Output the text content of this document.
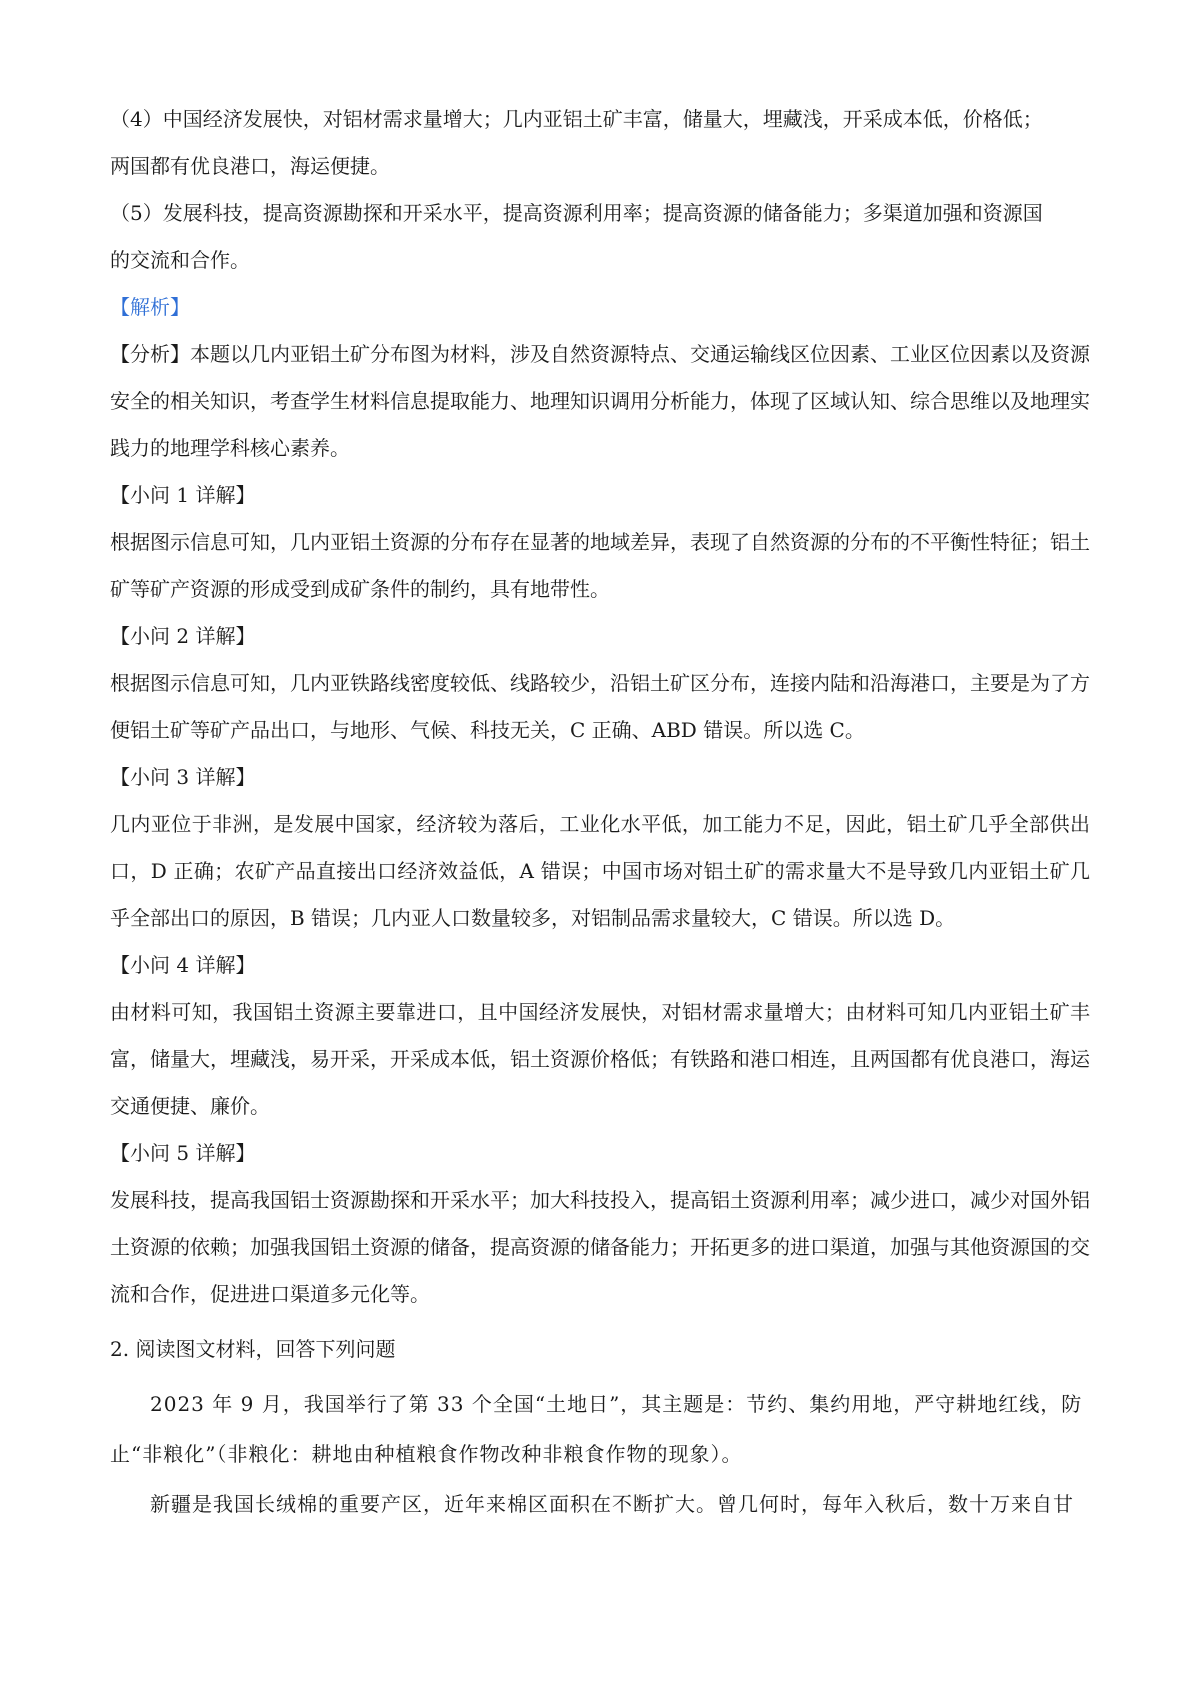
（4）中国经济发展快，对铝材需求量增大；几内亚铝土矿丰富，储量大，埋藏浅，开采成本低，价格低；
两国都有优良港口，海运便捷。

（5）发展科技，提高资源勘探和开采水平，提高资源利用率；提高资源的储备能力；多渠道加强和资源国
的交流和合作。

【解析】

【分析】本题以几内亚铝土矿分布图为材料，涉及自然资源特点、交通运输线区位因素、工业区位因素以及资源安全的相关知识，考查学生材料信息提取能力、地理知识调用分析能力，体现了区域认知、综合思维以及地理实践力的地理学科核心素养。

【小问 1 详解】

根据图示信息可知，几内亚铝土资源的分布存在显著的地域差异，表现了自然资源的分布的不平衡性特征；铝土矿等矿产资源的形成受到成矿条件的制约，具有地带性。

【小问 2 详解】

根据图示信息可知，几内亚铁路线密度较低、线路较少，沿铝土矿区分布，连接内陆和沿海港口，主要是为了方便铝土矿等矿产品出口，与地形、气候、科技无关，C 正确、ABD 错误。所以选 C。

【小问 3 详解】

几内亚位于非洲，是发展中国家，经济较为落后，工业化水平低，加工能力不足，因此，铝土矿几乎全部供出口，D 正确；农矿产品直接出口经济效益低，A 错误；中国市场对铝土矿的需求量大不是导致几内亚铝土矿几乎全部出口的原因，B 错误；几内亚人口数量较多，对铝制品需求量较大，C 错误。所以选 D。

【小问 4 详解】

由材料可知，我国铝土资源主要靠进口，且中国经济发展快，对铝材需求量增大；由材料可知几内亚铝土矿丰富，储量大，埋藏浅，易开采，开采成本低，铝土资源价格低；有铁路和港口相连，且两国都有优良港口，海运交通便捷、廉价。

【小问 5 详解】

发展科技，提高我国铝士资源勘探和开采水平；加大科技投入，提高铝土资源利用率；减少进口，减少对国外铝土资源的依赖；加强我国铝土资源的储备，提高资源的储备能力；开拓更多的进口渠道，加强与其他资源国的交流和合作，促进进口渠道多元化等。

2. 阅读图文材料，回答下列问题

2023 年 9 月，我国举行了第 33 个全国“土地日”，其主题是：节约、集约用地，严守耕地红线，防止“非粮化”（非粮化：耕地由种植粮食作物改种非粮食作物的现象）。

新疆是我国长绒棉的重要产区，近年来棉区面积在不断扩大。曾几何时，每年入秋后，数十万来自甘
